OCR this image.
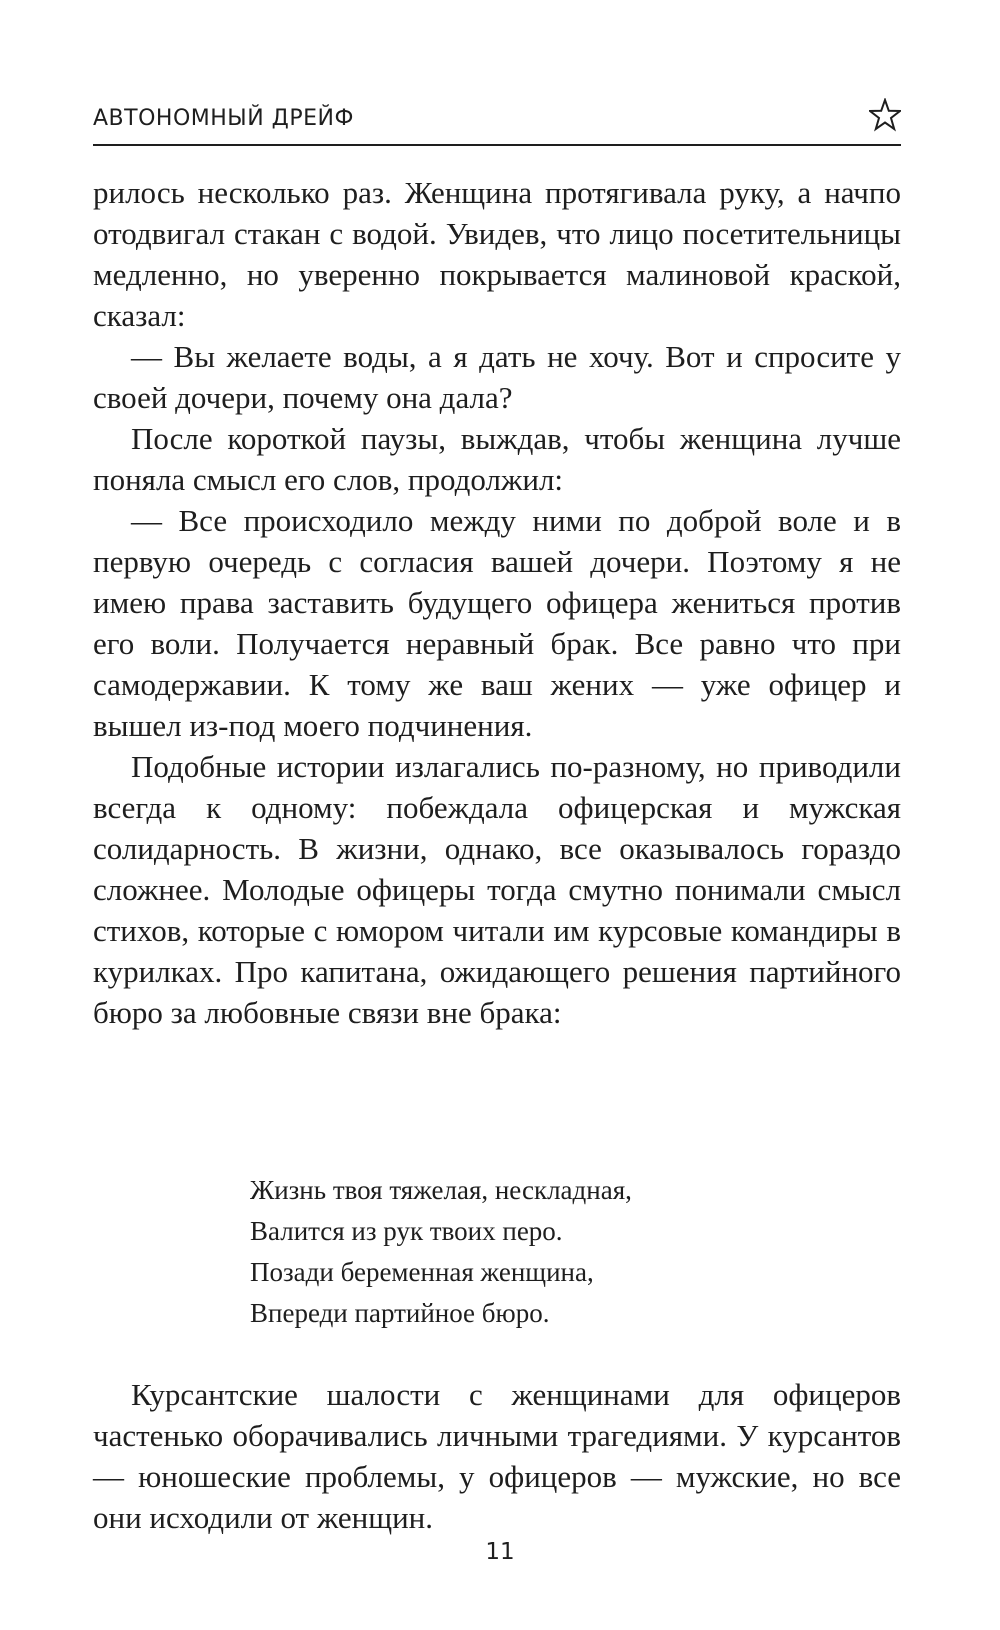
АВТОНОМНЫЙ ДРЕЙФ

рилось несколько раз. Женщина протягивала руку, а начпо отодвигал стакан с водой. Увидев, что лицо посетительницы медленно, но уверенно покрывается малиновой краской, сказал:

— Вы желаете воды, а я дать не хочу. Вот и спросите у своей дочери, почему она дала?

После короткой паузы, выждав, чтобы женщина лучше поняла смысл его слов, продолжил:

— Все происходило между ними по доброй воле и в первую очередь с согласия вашей дочери. Поэтому я не имею права заставить будущего офицера жениться против его воли. Получается неравный брак. Все равно что при самодержавии. К тому же ваш жених — уже офицер и вышел из-под моего подчинения.

Подобные истории излагались по-разному, но приводили всегда к одному: побеждала офицерская и мужская солидарность. В жизни, однако, все оказывалось гораздо сложнее. Молодые офицеры тогда смутно понимали смысл стихов, которые с юмором читали им курсовые командиры в курилках. Про капитана, ожидающего решения партийного бюро за любовные связи вне брака:

Жизнь твоя тяжелая, нескладная,
Валится из рук твоих перо.
Позади беременная женщина,
Впереди партийное бюро.

Курсантские шалости с женщинами для офицеров частенько оборачивались личными трагедиями. У курсантов — юношеские проблемы, у офицеров — мужские, но все они исходили от женщин.

11
